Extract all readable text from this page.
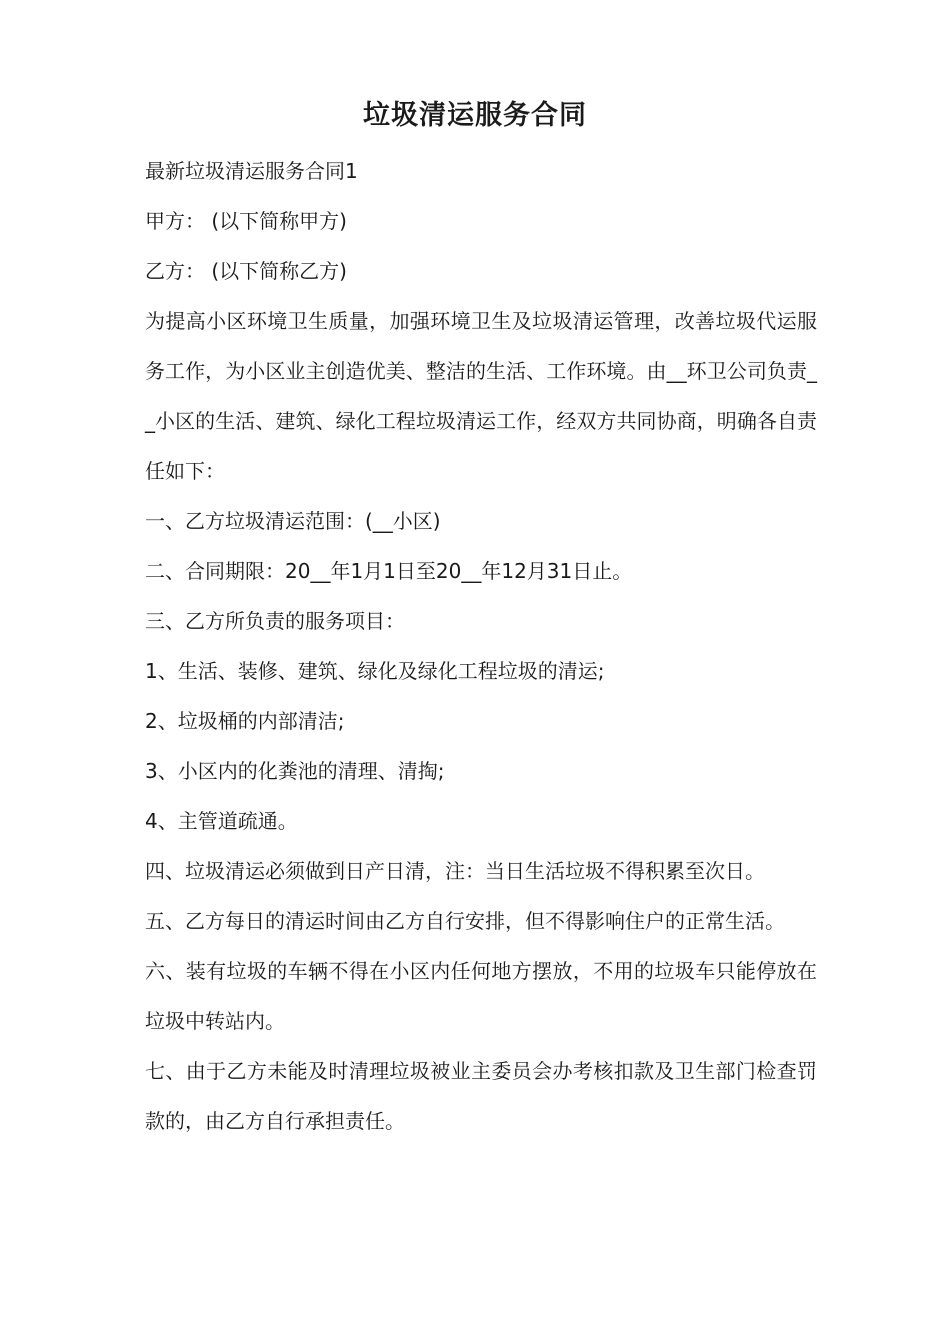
垃圾清运服务合同

最新垃圾清运服务合同1

甲方： (以下简称甲方)

乙方： (以下简称乙方)

为提高小区环境卫生质量，加强环境卫生及垃圾清运管理，改善垃圾代运服务工作，为小区业主创造优美、整洁的生活、工作环境。由__环卫公司负责__小区的生活、建筑、绿化工程垃圾清运工作，经双方共同协商，明确各自责任如下：

一、乙方垃圾清运范围：(__小区)

二、合同期限：20__年1月1日至20__年12月31日止。

三、乙方所负责的服务项目：

1、生活、装修、建筑、绿化及绿化工程垃圾的清运;

2、垃圾桶的内部清洁;

3、小区内的化粪池的清理、清掏;

4、主管道疏通。

四、垃圾清运必须做到日产日清，注：当日生活垃圾不得积累至次日。

五、乙方每日的清运时间由乙方自行安排，但不得影响住户的正常生活。

六、装有垃圾的车辆不得在小区内任何地方摆放，不用的垃圾车只能停放在垃圾中转站内。

七、由于乙方未能及时清理垃圾被业主委员会办考核扣款及卫生部门检查罚款的，由乙方自行承担责任。
